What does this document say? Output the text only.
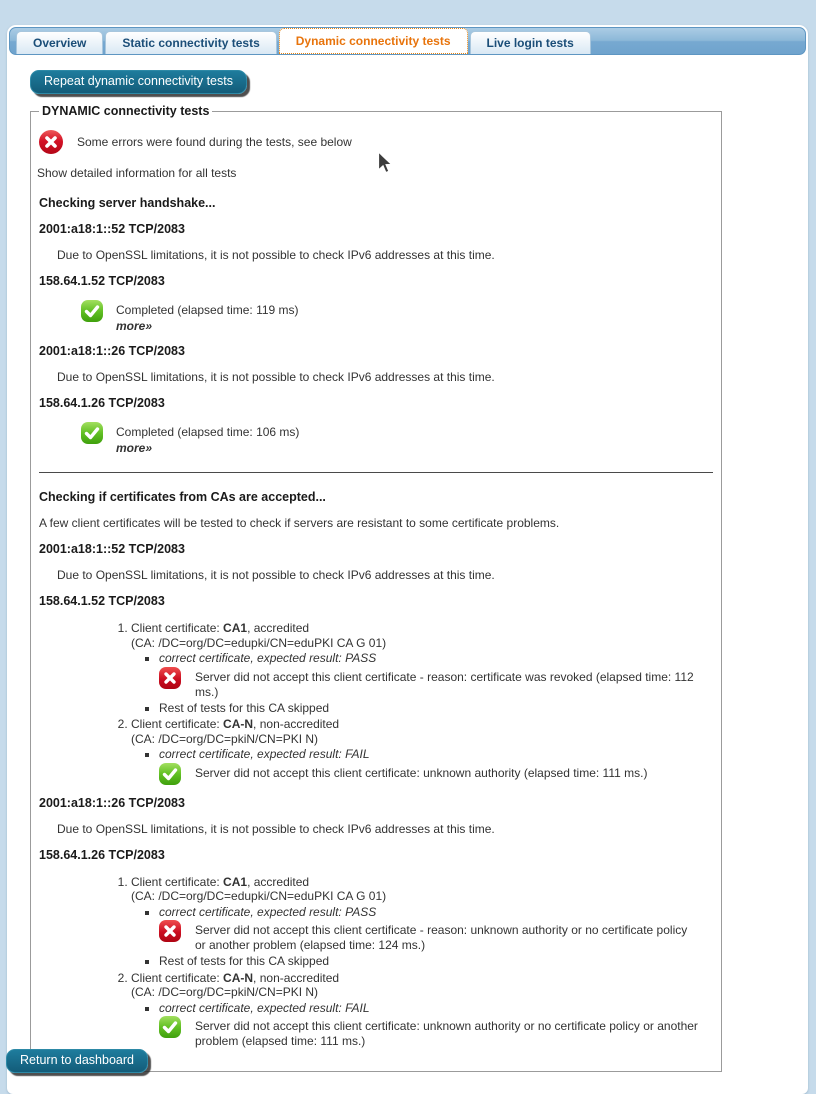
Overview	Static connectivity tests	Dynamic connectivity tests	Live login tests
Repeat dynamic connectivity tests
DYNAMIC connectivity tests
Some errors were found during the tests, see below
Show detailed information for all tests
Checking server handshake...
2001:a18:1::52 TCP/2083
Due to OpenSSL limitations, it is not possible to check IPv6 addresses at this time.
158.64.1.52 TCP/2083
Completed (elapsed time: 119 ms)
more»
2001:a18:1::26 TCP/2083
Due to OpenSSL limitations, it is not possible to check IPv6 addresses at this time.
158.64.1.26 TCP/2083
Completed (elapsed time: 106 ms)
more»
Checking if certificates from CAs are accepted...
A few client certificates will be tested to check if servers are resistant to some certificate problems.
2001:a18:1::52 TCP/2083
Due to OpenSSL limitations, it is not possible to check IPv6 addresses at this time.
158.64.1.52 TCP/2083
1. Client certificate: CA1, accredited
(CA: /DC=org/DC=edupki/CN=eduPKI CA G 01)
▪ correct certificate, expected result: PASS
Server did not accept this client certificate - reason: certificate was revoked (elapsed time: 112 ms.)
▪ Rest of tests for this CA skipped
2. Client certificate: CA-N, non-accredited
(CA: /DC=org/DC=pkiN/CN=PKI N)
▪ correct certificate, expected result: FAIL
Server did not accept this client certificate: unknown authority (elapsed time: 111 ms.)
2001:a18:1::26 TCP/2083
Due to OpenSSL limitations, it is not possible to check IPv6 addresses at this time.
158.64.1.26 TCP/2083
1. Client certificate: CA1, accredited
(CA: /DC=org/DC=edupki/CN=eduPKI CA G 01)
▪ correct certificate, expected result: PASS
Server did not accept this client certificate - reason: unknown authority or no certificate policy or another problem (elapsed time: 124 ms.)
▪ Rest of tests for this CA skipped
2. Client certificate: CA-N, non-accredited
(CA: /DC=org/DC=pkiN/CN=PKI N)
▪ correct certificate, expected result: FAIL
Server did not accept this client certificate: unknown authority or no certificate policy or another problem (elapsed time: 111 ms.)
Return to dashboard
